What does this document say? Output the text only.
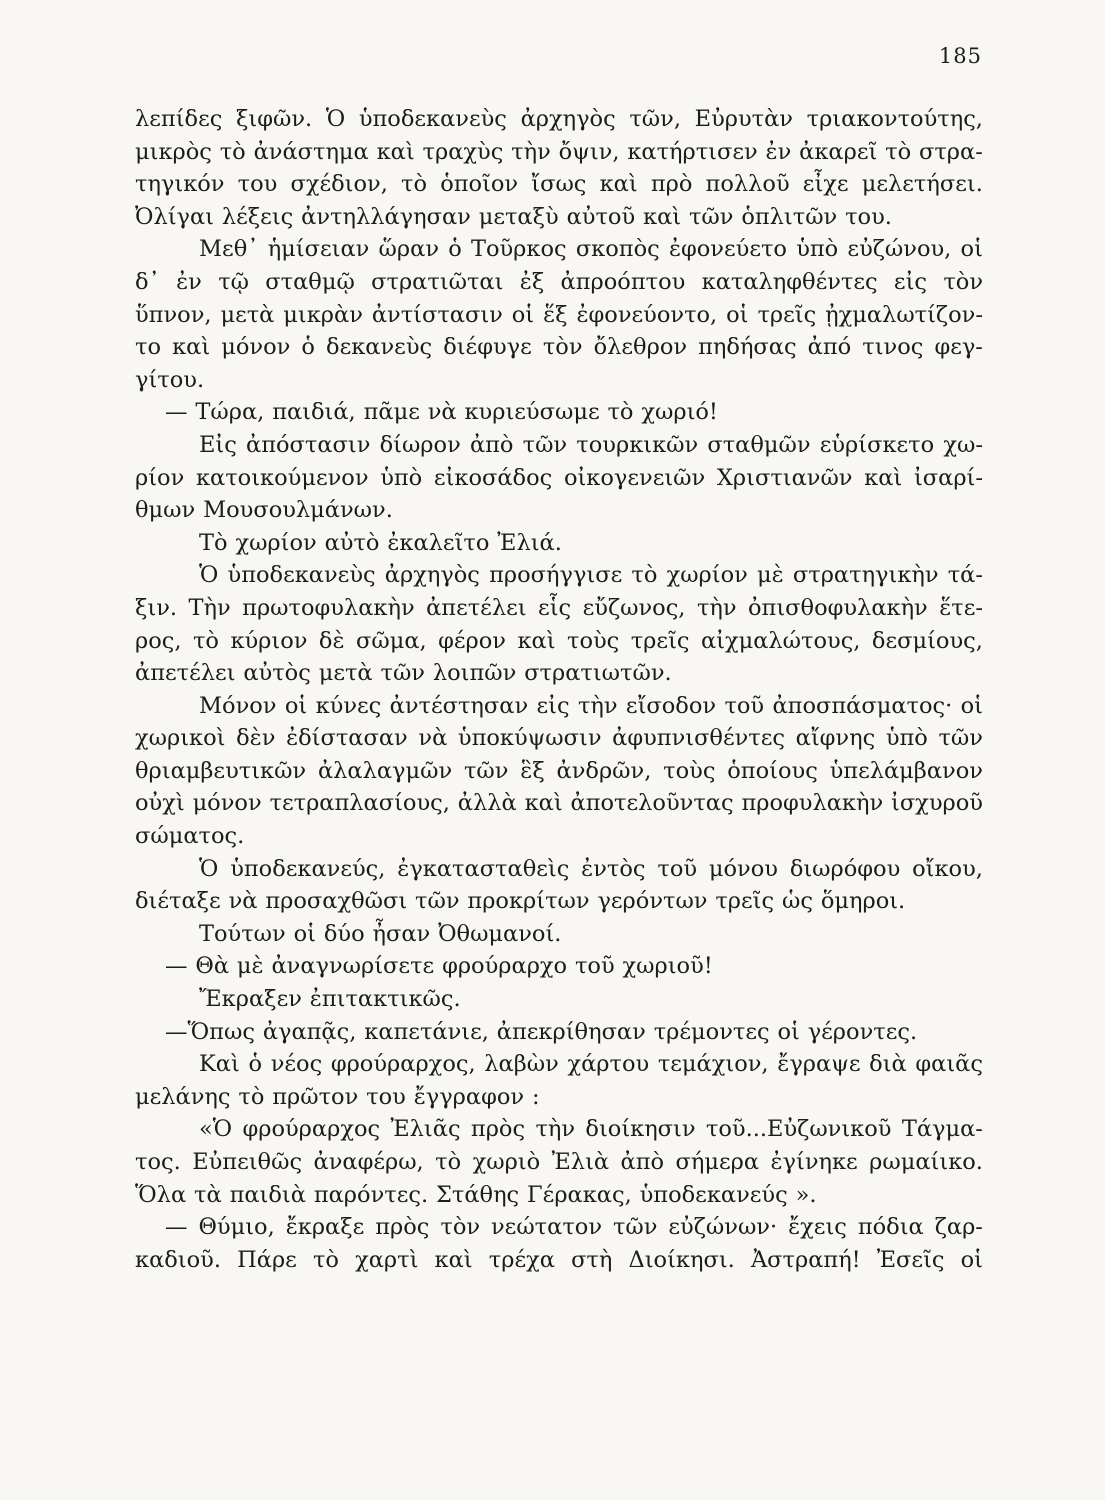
185
λεπίδες ξιφῶν. Ὁ ὑποδεκανεὺς ἀρχηγὸς τῶν, Εὐρυτὰν τριακοντούτης,
μικρὸς τὸ ἀνάστημα καὶ τραχὺς τὴν ὄψιν, κατήρτισεν ἐν ἀκαρεῖ τὸ στρα-
τηγικόν του σχέδιον, τὸ ὁποῖον ἴσως καὶ πρὸ πολλοῦ εἶχε μελετήσει.
Ὀλίγαι λέξεις ἀντηλλάγησαν μεταξὺ αὐτοῦ καὶ τῶν ὁπλιτῶν του.
Μεθ᾽ ἡμίσειαν ὥραν ὁ Τοῦρκος σκοπὸς ἐφονεύετο ὑπὸ εὐζώνου, οἱ
δ᾽ ἐν τῷ σταθμῷ στρατιῶται ἐξ ἀπροόπτου καταληφθέντες εἰς τὸν
ὕπνον, μετὰ μικρὰν ἀντίστασιν οἱ ἕξ ἐφονεύοντο, οἱ τρεῖς ᾐχμαλωτίζον-
το καὶ μόνον ὁ δεκανεὺς διέφυγε τὸν ὄλεθρον πηδήσας ἀπό τινος φεγ-
γίτου.
— Τώρα, παιδιά, πᾶμε νὰ κυριεύσωμε τὸ χωριό!
Εἰς ἀπόστασιν δίωρον ἀπὸ τῶν τουρκικῶν σταθμῶν εὑρίσκετο χω-
ρίον κατοικούμενον ὑπὸ εἰκοσάδος οἰκογενειῶν Χριστιανῶν καὶ ἰσαρί-
θμων Μουσουλμάνων.
Τὸ χωρίον αὐτὸ ἐκαλεῖτο Ἐλιά.
Ὁ ὑποδεκανεὺς ἀρχηγὸς προσήγγισε τὸ χωρίον μὲ στρατηγικὴν τά-
ξιν. Τὴν πρωτοφυλακὴν ἀπετέλει εἷς εὔζωνος, τὴν ὀπισθοφυλακὴν ἕτε-
ρος, τὸ κύριον δὲ σῶμα, φέρον καὶ τοὺς τρεῖς αἰχμαλώτους, δεσμίους,
ἀπετέλει αὐτὸς μετὰ τῶν λοιπῶν στρατιωτῶν.
Μόνον οἱ κύνες ἀντέστησαν εἰς τὴν εἴσοδον τοῦ ἀποσπάσματος· οἱ
χωρικοὶ δὲν ἐδίστασαν νὰ ὑποκύψωσιν ἀφυπνισθέντες αἴφνης ὑπὸ τῶν
θριαμβευτικῶν ἀλαλαγμῶν τῶν ἓξ ἀνδρῶν, τοὺς ὁποίους ὑπελάμβανον
οὐχὶ μόνον τετραπλασίους, ἀλλὰ καὶ ἀποτελοῦντας προφυλακὴν ἰσχυροῦ
σώματος.
Ὁ ὑποδεκανεύς, ἐγκατασταθεὶς ἐντὸς τοῦ μόνου διωρόφου οἴκου,
διέταξε νὰ προσαχθῶσι τῶν προκρίτων γερόντων τρεῖς ὡς ὅμηροι.
Τούτων οἱ δύο ἦσαν Ὀθωμανοί.
— Θὰ μὲ ἀναγνωρίσετε φρούραρχο τοῦ χωριοῦ!
Ἔκραξεν ἐπιτακτικῶς.
—Ὅπως ἀγαπᾷς, καπετάνιε, ἀπεκρίθησαν τρέμοντες οἱ γέροντες.
Καὶ ὁ νέος φρούραρχος, λαβὼν χάρτου τεμάχιον, ἔγραψε διὰ φαιᾶς
μελάνης τὸ πρῶτον του ἔγγραφον :
«Ὁ φρούραρχος Ἐλιᾶς πρὸς τὴν διοίκησιν τοῦ...Εὐζωνικοῦ Τάγμα-
τος. Εὐπειθῶς ἀναφέρω, τὸ χωριὸ Ἐλιὰ ἀπὸ σήμερα ἐγίνηκε ρωμαίικο.
Ὅλα τὰ παιδιὰ παρόντες. Στάθης Γέρακας, ὑποδεκανεύς ».
— Θύμιο, ἔκραξε πρὸς τὸν νεώτατον τῶν εὐζώνων· ἔχεις πόδια ζαρ-
καδιοῦ. Πάρε τὸ χαρτὶ καὶ τρέχα στὴ Διοίκησι. Ἀστραπή! Ἐσεῖς οἱ
